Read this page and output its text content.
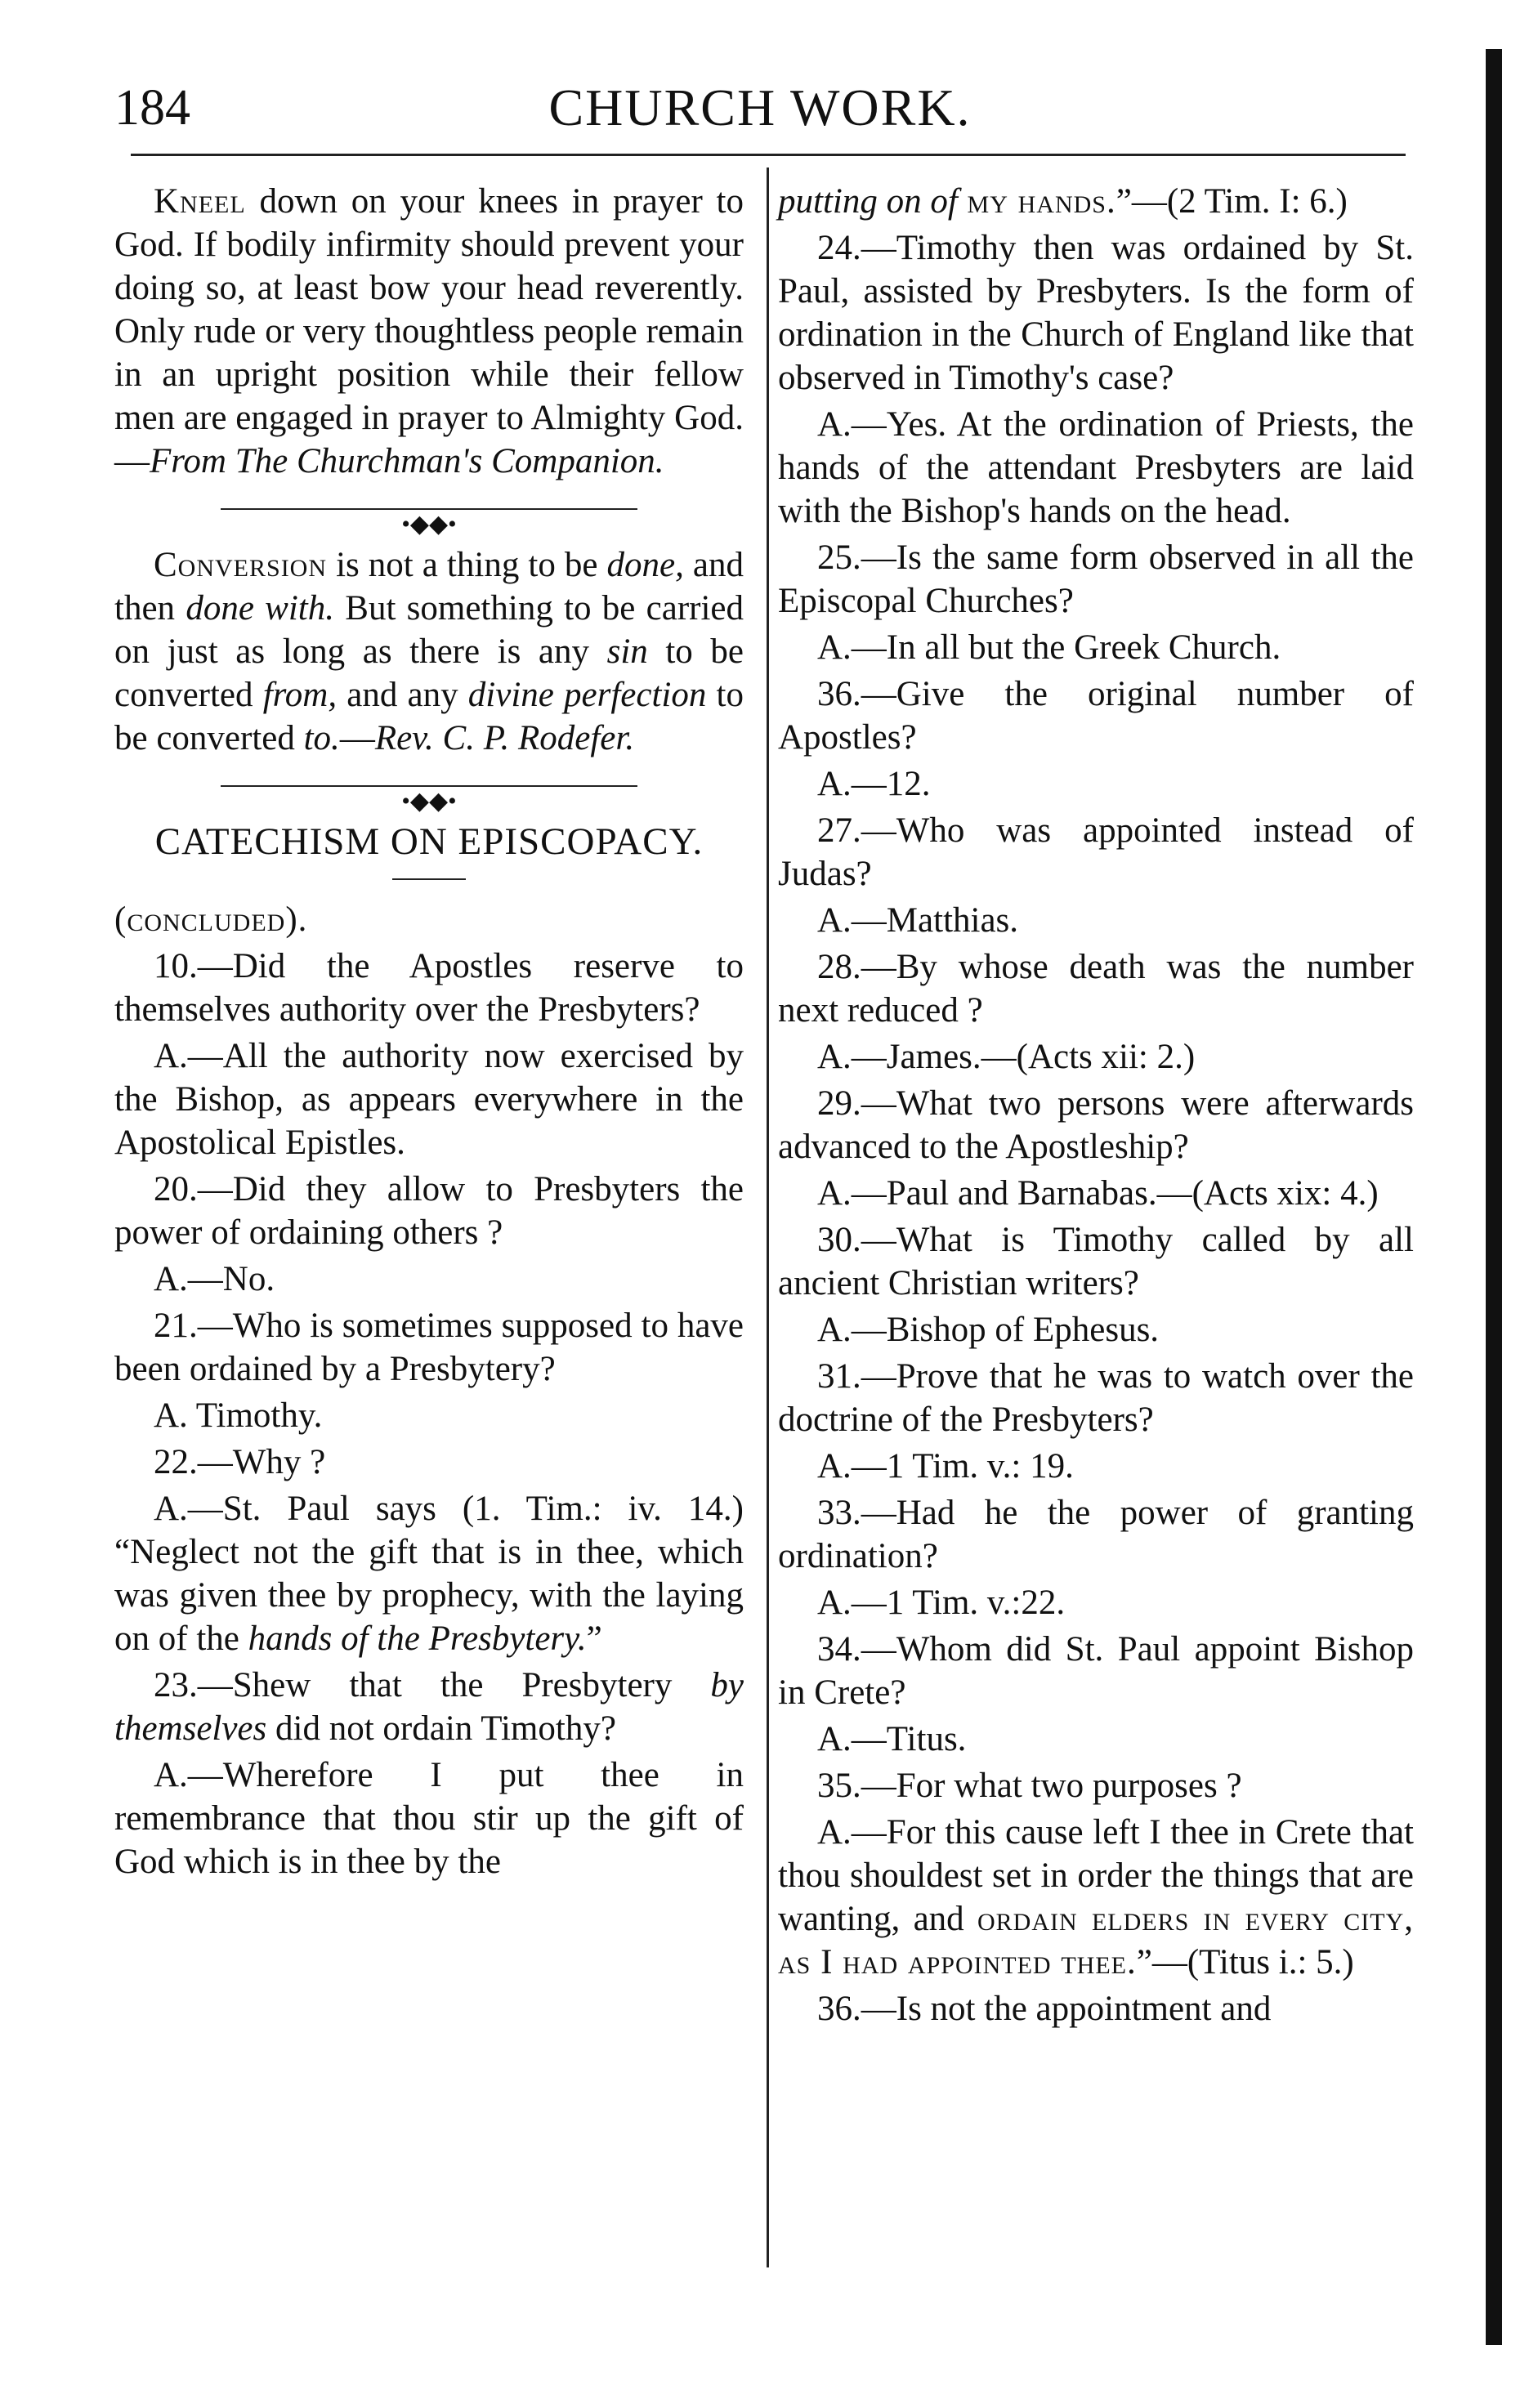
184	CHURCH WORK.

Kneel down on your knees in prayer to God. If bodily infirmity should prevent your doing so, at least bow your head reverently. Only rude or very thoughtless people remain in an upright position while their fellow men are engaged in prayer to Almighty God.—From The Churchman's Companion.

•◆◆•

Conversion is not a thing to be done, and then done with. But something to be carried on just as long as there is any sin to be converted from, and any divine perfection to be converted to.—Rev. C. P. Rodefer.

•◆◆•
CATECHISM ON EPISCOPACY.

(concluded).

10.—Did the Apostles reserve to themselves authority over the Presbyters?

A.—All the authority now exercised by the Bishop, as appears everywhere in the Apostolical Epistles.

20.—Did they allow to Presbyters the power of ordaining others ?

A.—No.

21.—Who is sometimes supposed to have been ordained by a Presbytery?

A. Timothy.

22.—Why ?

A.—St. Paul says (1. Tim.: iv. 14.) “Neglect not the gift that is in thee, which was given thee by prophecy, with the laying on of the hands of the Presbytery.”

23.—Shew that the Presbytery by themselves did not ordain Timothy?

A.—Wherefore I put thee in remembrance that thou stir up the gift of God which is in thee by the

putting on of my hands.”—(2 Tim. I: 6.)

24.—Timothy then was ordained by St. Paul, assisted by Presbyters. Is the form of ordination in the Church of England like that observed in Timothy's case?

A.—Yes. At the ordination of Priests, the hands of the attendant Presbyters are laid with the Bishop's hands on the head.

25.—Is the same form observed in all the Episcopal Churches?

A.—In all but the Greek Church.

36.—Give the original number of Apostles?

A.—12.

27.—Who was appointed instead of Judas?

A.—Matthias.

28.—By whose death was the number next reduced ?

A.—James.—(Acts xii: 2.)

29.—What two persons were afterwards advanced to the Apostleship?

A.—Paul and Barnabas.—(Acts xix: 4.)

30.—What is Timothy called by all ancient Christian writers?

A.—Bishop of Ephesus.

31.—Prove that he was to watch over the doctrine of the Presbyters?

A.—1 Tim. v.: 19.

33.—Had he the power of granting ordination?

A.—1 Tim. v.:22.

34.—Whom did St. Paul appoint Bishop in Crete?

A.—Titus.

35.—For what two purposes ?

A.—For this cause left I thee in Crete that thou shouldest set in order the things that are wanting, and ordain elders in every city, as I had appointed thee.”—(Titus i.: 5.)

36.—Is not the appointment and
